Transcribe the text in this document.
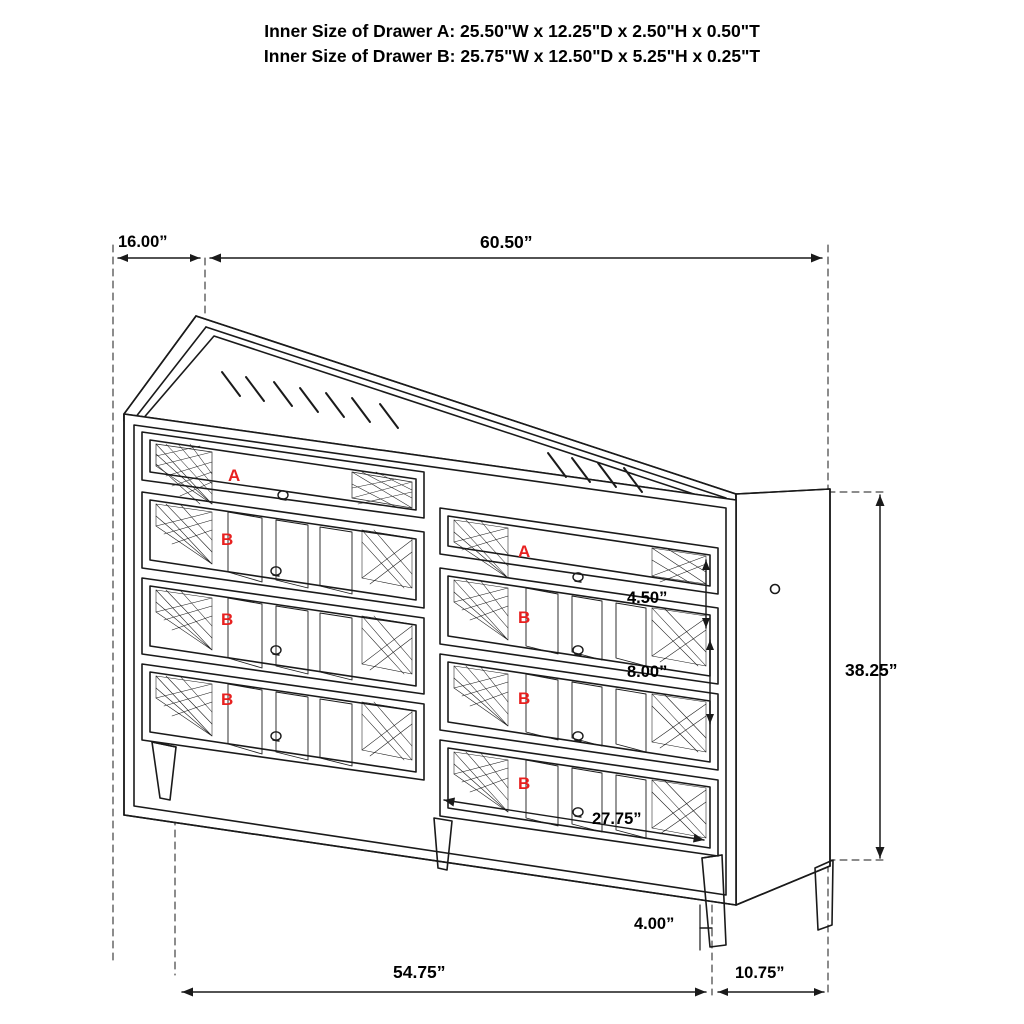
Inner Size of Drawer A: 25.50"W x 12.25"D x 2.50"H x 0.50"T
Inner Size of Drawer B: 25.75"W x 12.50"D x 5.25"H x 0.25"T
16.00”	60.50”
38.25”
4.50”
8.00”
27.75”
4.00”
54.75”	10.75”
A
B
B
B
A
B
B
B
